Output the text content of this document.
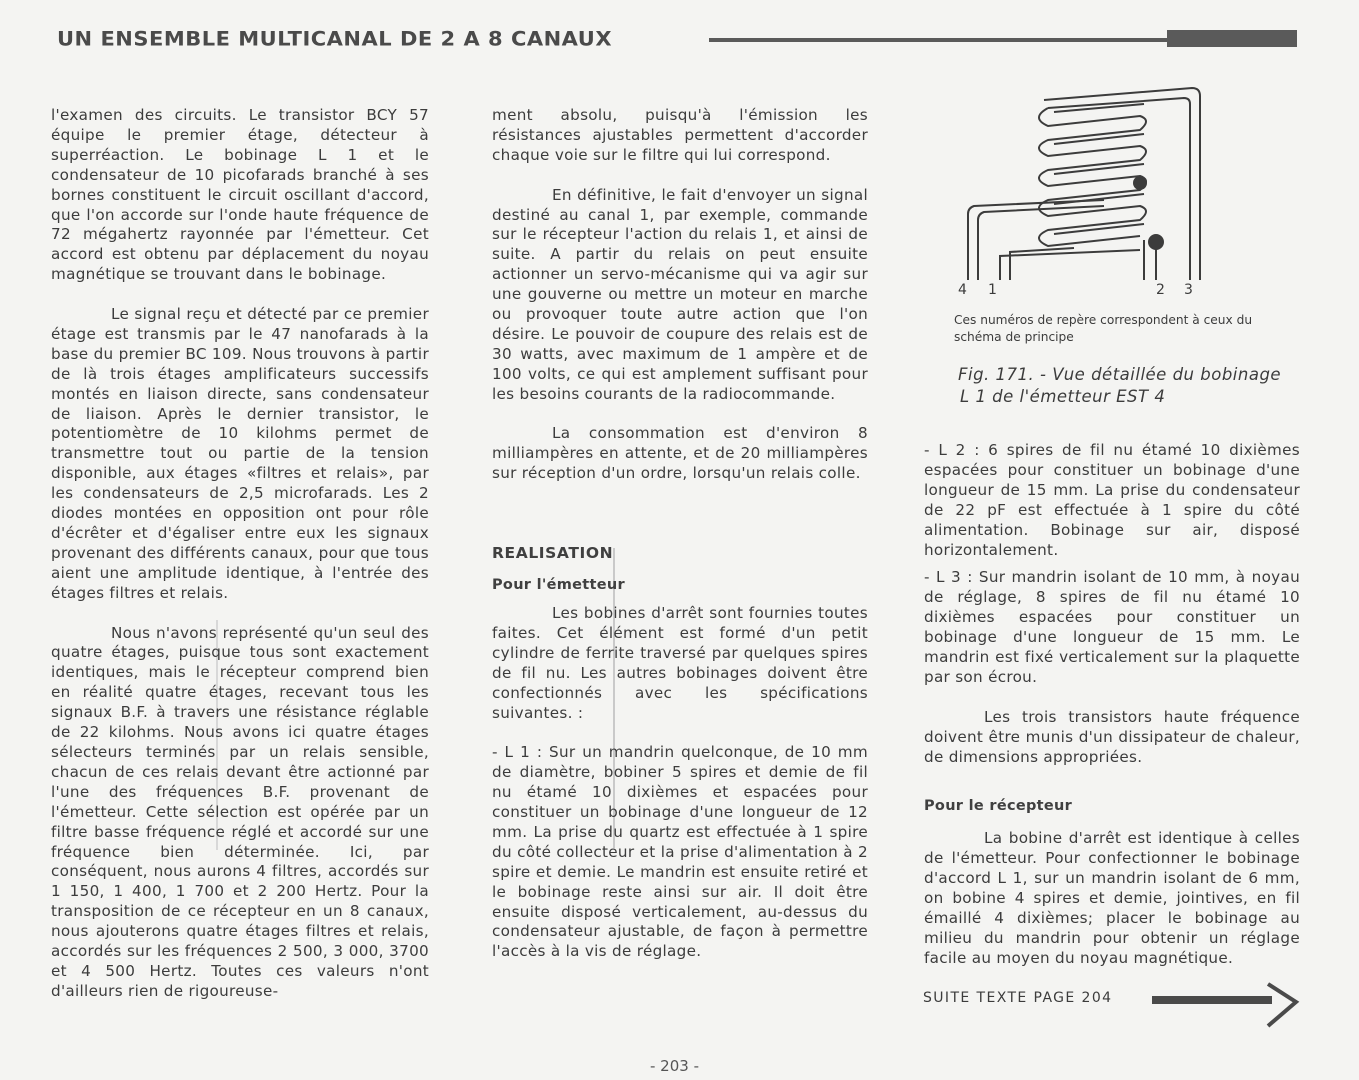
UN ENSEMBLE MULTICANAL DE 2 A 8 CANAUX

l'examen des circuits. Le transistor BCY 57 équipe le premier étage, détecteur à superréaction. Le bobinage L 1 et le condensateur de 10 picofarads branché à ses bornes constituent le circuit oscillant d'accord, que l'on accorde sur l'onde haute fréquence de 72 mégahertz rayonnée par l'émetteur. Cet accord est obtenu par déplacement du noyau magnétique se trouvant dans le bobinage.

Le signal reçu et détecté par ce premier étage est transmis par le 47 nanofarads à la base du premier BC 109. Nous trouvons à partir de là trois étages amplificateurs successifs montés en liaison directe, sans condensateur de liaison. Après le dernier transistor, le potentiomètre de 10 kilohms permet de transmettre tout ou partie de la tension disponible, aux étages «filtres et relais», par les condensateurs de 2,5 microfarads. Les 2 diodes montées en opposition ont pour rôle d'écrêter et d'égaliser entre eux les signaux provenant des différents canaux, pour que tous aient une amplitude identique, à l'entrée des étages filtres et relais.

Nous n'avons représenté qu'un seul des quatre étages, puisque tous sont exactement identiques, mais le récepteur comprend bien en réalité quatre étages, recevant tous les signaux B.F. à travers une résistance réglable de 22 kilohms. Nous avons ici quatre étages sélecteurs terminés par un relais sensible, chacun de ces relais devant être actionné par l'une des fréquences B.F. provenant de l'émetteur. Cette sélection est opérée par un filtre basse fréquence réglé et accordé sur une fréquence bien déterminée. Ici, par conséquent, nous aurons 4 filtres, accordés sur 1 150, 1 400, 1 700 et 2 200 Hertz. Pour la transposition de ce récepteur en un 8 canaux, nous ajouterons quatre étages filtres et relais, accordés sur les fréquences 2 500, 3 000, 3700 et 4 500 Hertz. Toutes ces valeurs n'ont d'ailleurs rien de rigoureuse-

ment absolu, puisqu'à l'émission les résistances ajustables permettent d'accorder chaque voie sur le filtre qui lui correspond.

En définitive, le fait d'envoyer un signal destiné au canal 1, par exemple, commande sur le récepteur l'action du relais 1, et ainsi de suite. A partir du relais on peut ensuite actionner un servo-mécanisme qui va agir sur une gouverne ou mettre un moteur en marche ou provoquer toute autre action que l'on désire. Le pouvoir de coupure des relais est de 30 watts, avec maximum de 1 ampère et de 100 volts, ce qui est amplement suffisant pour les besoins courants de la radiocommande.

La consommation est d'environ 8 milliampères en attente, et de 20 milliampères sur réception d'un ordre, lorsqu'un relais colle.

REALISATION

Pour l'émetteur

Les bobines d'arrêt sont fournies toutes faites. Cet élément est formé d'un petit cylindre de ferrite traversé par quelques spires de fil nu. Les autres bobinages doivent être confectionnés avec les spécifications suivantes. :

- L 1 : Sur un mandrin quelconque, de 10 mm de diamètre, bobiner 5 spires et demie de fil nu étamé 10 dixièmes et espacées pour constituer un bobinage d'une longueur de 12 mm. La prise du quartz est effectuée à 1 spire du côté collecteur et la prise d'alimentation à 2 spire et demie. Le mandrin est ensuite retiré et le bobinage reste ainsi sur air. Il doit être ensuite disposé verticalement, au-dessus du condensateur ajustable, de façon à permettre l'accès à la vis de réglage.

4 1	2 3
Ces numéros de repère correspondent à ceux du schéma de principe
Fig. 171. - Vue détaillée du bobinage
L 1 de l'émetteur EST 4

- L 2 : 6 spires de fil nu étamé 10 dixièmes espacées pour constituer un bobinage d'une longueur de 15 mm. La prise du condensateur de 22 pF est effectuée à 1 spire du côté alimentation. Bobinage sur air, disposé horizontalement.

- L 3 : Sur mandrin isolant de 10 mm, à noyau de réglage, 8 spires de fil nu étamé 10 dixièmes espacées pour constituer un bobinage d'une longueur de 15 mm. Le mandrin est fixé verticalement sur la plaquette par son écrou.

Les trois transistors haute fréquence doivent être munis d'un dissipateur de chaleur, de dimensions appropriées.

Pour le récepteur

La bobine d'arrêt est identique à celles de l'émetteur. Pour confectionner le bobinage d'accord L 1, sur un mandrin isolant de 6 mm, on bobine 4 spires et demie, jointives, en fil émaillé 4 dixièmes; placer le bobinage au milieu du mandrin pour obtenir un réglage facile au moyen du noyau magnétique.

SUITE TEXTE PAGE 204
- 203 -
